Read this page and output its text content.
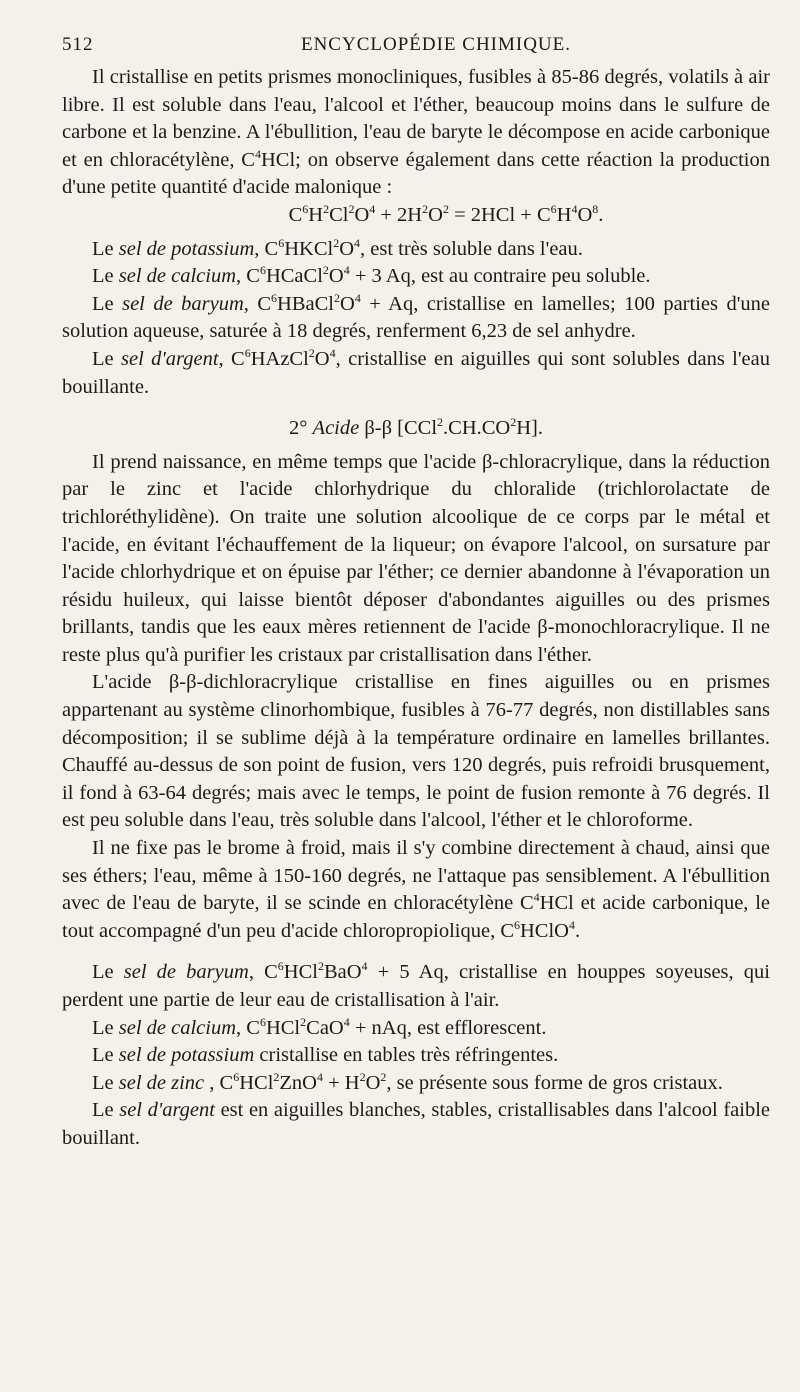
512	ENCYCLOPÉDIE CHIMIQUE.

Il cristallise en petits prismes monocliniques, fusibles à 85-86 degrés, volatils à air libre. Il est soluble dans l'eau, l'alcool et l'éther, beaucoup moins dans le sulfure de carbone et la benzine. A l'ébullition, l'eau de baryte le décompose en acide carbonique et en chloracétylène, $C^4HCl$; on observe également dans cette réaction la production d'une petite quantité d'acide malonique :

$C^6H^2Cl^2O^4 + 2H^2O^2 = 2HCl + C^6H^4O^8$.

Le sel de potassium, $C^6HKCl^2O^4$, est très soluble dans l'eau.

Le sel de calcium, $C^6HCaCl^2O^4 + 3$ Aq, est au contraire peu soluble.

Le sel de baryum, $C^6HBaCl^2O^4 + Aq$, cristallise en lamelles; 100 parties d'une solution aqueuse, saturée à 18 degrés, renferment 6,23 de sel anhydre.

Le sel d'argent, $C^6HAzCl^2O^4$, cristallise en aiguilles qui sont solubles dans l'eau bouillante.

2° Acide β-β $[CCl^2.CH.CO^2H]$.

Il prend naissance, en même temps que l'acide β-chloracrylique, dans la réduction par le zinc et l'acide chlorhydrique du chloralide (trichlorolactate de trichloréthylidène). On traite une solution alcoolique de ce corps par le métal et l'acide, en évitant l'échauffement de la liqueur; on évapore l'alcool, on sursature par l'acide chlorhydrique et on épuise par l'éther; ce dernier abandonne à l'évaporation un résidu huileux, qui laisse bientôt déposer d'abondantes aiguilles ou des prismes brillants, tandis que les eaux mères retiennent de l'acide β-monochloracrylique. Il ne reste plus qu'à purifier les cristaux par cristallisation dans l'éther.

L'acide β-β-dichloracrylique cristallise en fines aiguilles ou en prismes appartenant au système clinorhombique, fusibles à 76-77 degrés, non distillables sans décomposition; il se sublime déjà à la température ordinaire en lamelles brillantes. Chauffé au-dessus de son point de fusion, vers 120 degrés, puis refroidi brusquement, il fond à 63-64 degrés; mais avec le temps, le point de fusion remonte à 76 degrés. Il est peu soluble dans l'eau, très soluble dans l'alcool, l'éther et le chloroforme.

Il ne fixe pas le brome à froid, mais il s'y combine directement à chaud, ainsi que ses éthers; l'eau, même à 150-160 degrés, ne l'attaque pas sensiblement. A l'ébullition avec de l'eau de baryte, il se scinde en chloracétylène $C^4HCl$ et acide carbonique, le tout accompagné d'un peu d'acide chloropropiolique, $C^6HClO^4$.

Le sel de baryum, $C^6HCl^2BaO^4 + 5$ Aq, cristallise en houppes soyeuses, qui perdent une partie de leur eau de cristallisation à l'air.

Le sel de calcium, $C^6HCl^2CaO^4$ + nAq, est efflorescent.

Le sel de potassium cristallise en tables très réfringentes.

Le sel de zinc , $C^6HCl^2ZnO^4 + H^2O^2$, se présente sous forme de gros cristaux.

Le sel d'argent est en aiguilles blanches, stables, cristallisables dans l'alcool faible bouillant.
